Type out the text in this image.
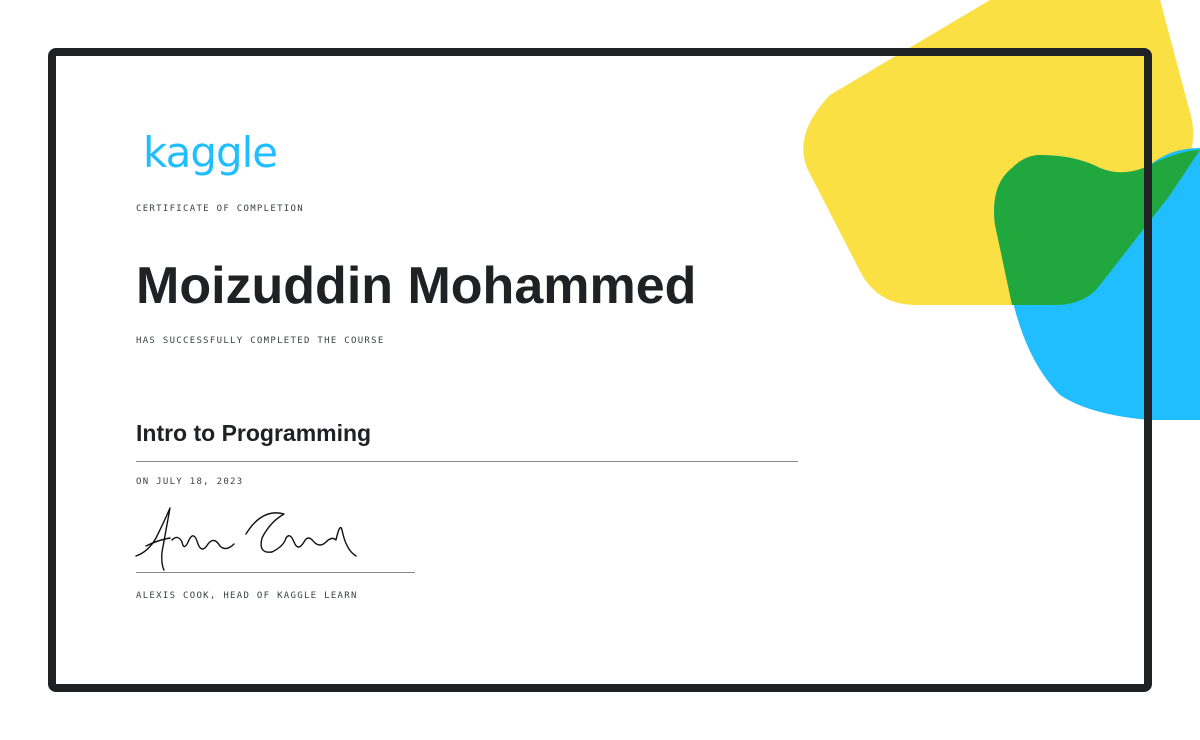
kaggle
CERTIFICATE OF COMPLETION
Moizuddin Mohammed
HAS SUCCESSFULLY COMPLETED THE COURSE
Intro to Programming
ON JULY 18, 2023
ALEXIS COOK, HEAD OF KAGGLE LEARN
